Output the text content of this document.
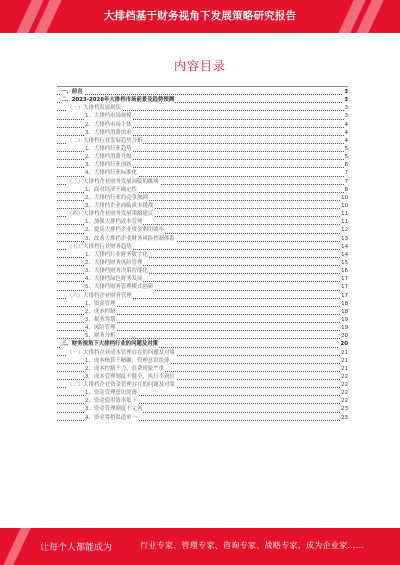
大排档基于财务视角下发展策略研究报告
内容目录
一、前言	3
二、2023-2028年大排档市场前景及趋势预测	3
（一）大排档发展现状	3
1、大排档市场规模	3
2、大排档市场主体	4
3、大排档消费需求	4
（二）大排档行业发展趋势分析	4
1、大排档行业趋势	5
2、大排档消费升级	5
3、大排档行业创新	6
4、大排档行业标准化	7
（三）大排档企业财务发展面临的挑战	7
1、面对经济不确定性	8
2、大排档行业的竞争加剧	10
3、大排档企业面临成本挑战	10
（四）大排档企业财务发展策略建议	11
1、加强大排档成本管理	11
2、提高大排档企业资金利用效率	12
3、改善大排档企业财务风险控制体系	13
（五）大排档行业财务趋势	14
1、大排档行业财务数字化	14
2、大排档财务风险管理	15
3、大排档财务决策智能化	16
4、大排档绿色财务发展	17
5、大排档财务管理模式创新	17
（六）大排档企业财务管理	17
1、资金管理	18
2、成本控制	18
3、税务筹划	19
4、风险管理	19
5、财务分析	20
三、财务视角下大排档行业的问题及对策	20
（一）大排档企业成本管理存在的问题及对策	21
1、成本核算不精确，管理意识淡薄	21
2、成本控制不力，浪费现象严重	21
3、成本管理制度不健全，执行不到位	22
（二）大排档企业资金管理存在的问题及对策	22
1、资金管理意识淡薄	22
2、资金使用效率低下	22
3、资金管理制度不完善	23
4、资金筹措渠道单一	23
让每个人都能成为	行业专家、管理专家、咨询专家、战略专家、成为企业家……
